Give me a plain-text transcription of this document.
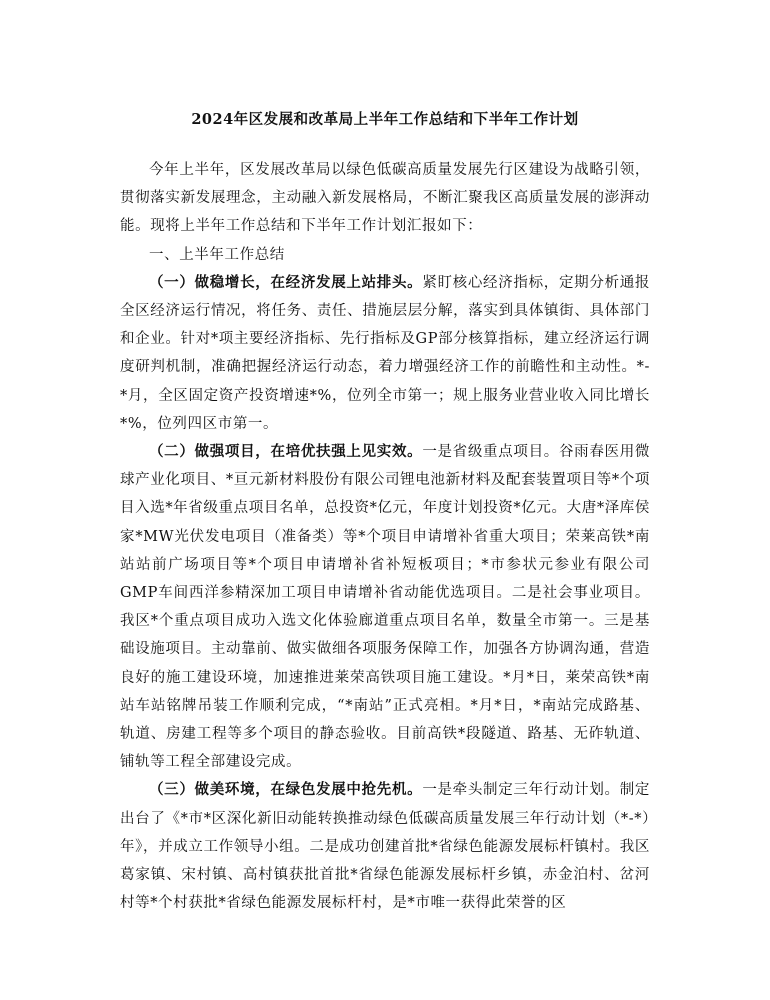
2024年区发展和改革局上半年工作总结和下半年工作计划

今年上半年，区发展改革局以绿色低碳高质量发展先行区建设为战略引领，贯彻落实新发展理念，主动融入新发展格局，不断汇聚我区高质量发展的澎湃动能。现将上半年工作总结和下半年工作计划汇报如下：

一、上半年工作总结

（一）做稳增长，在经济发展上站排头。紧盯核心经济指标，定期分析通报全区经济运行情况，将任务、责任、措施层层分解，落实到具体镇街、具体部门和企业。针对*项主要经济指标、先行指标及GP部分核算指标，建立经济运行调度研判机制，准确把握经济运行动态，着力增强经济工作的前瞻性和主动性。*-*月，全区固定资产投资增速*%，位列全市第一；规上服务业营业收入同比增长*%，位列四区市第一。

（二）做强项目，在培优扶强上见实效。一是省级重点项目。谷雨春医用微球产业化项目、*亘元新材料股份有限公司锂电池新材料及配套装置项目等*个项目入选*年省级重点项目名单，总投资*亿元，年度计划投资*亿元。大唐*泽库侯家*MW光伏发电项目（准备类）等*个项目申请增补省重大项目；荣莱高铁*南站站前广场项目等*个项目申请增补省补短板项目；*市参状元参业有限公司GMP车间西洋参精深加工项目申请增补省动能优选项目。二是社会事业项目。我区*个重点项目成功入选文化体验廊道重点项目名单，数量全市第一。三是基础设施项目。主动靠前、做实做细各项服务保障工作，加强各方协调沟通，营造良好的施工建设环境，加速推进莱荣高铁项目施工建设。*月*日，莱荣高铁*南站车站铭牌吊装工作顺利完成，“*南站”正式亮相。*月*日，*南站完成路基、轨道、房建工程等多个项目的静态验收。目前高铁*段隧道、路基、无砟轨道、铺轨等工程全部建设完成。

（三）做美环境，在绿色发展中抢先机。一是牵头制定三年行动计划。制定出台了《*市*区深化新旧动能转换推动绿色低碳高质量发展三年行动计划（*-*）年》，并成立工作领导小组。二是成功创建首批*省绿色能源发展标杆镇村。我区葛家镇、宋村镇、高村镇获批首批*省绿色能源发展标杆乡镇，赤金泊村、岔河村等*个村获批*省绿色能源发展标杆村，是*市唯一获得此荣誉的区
